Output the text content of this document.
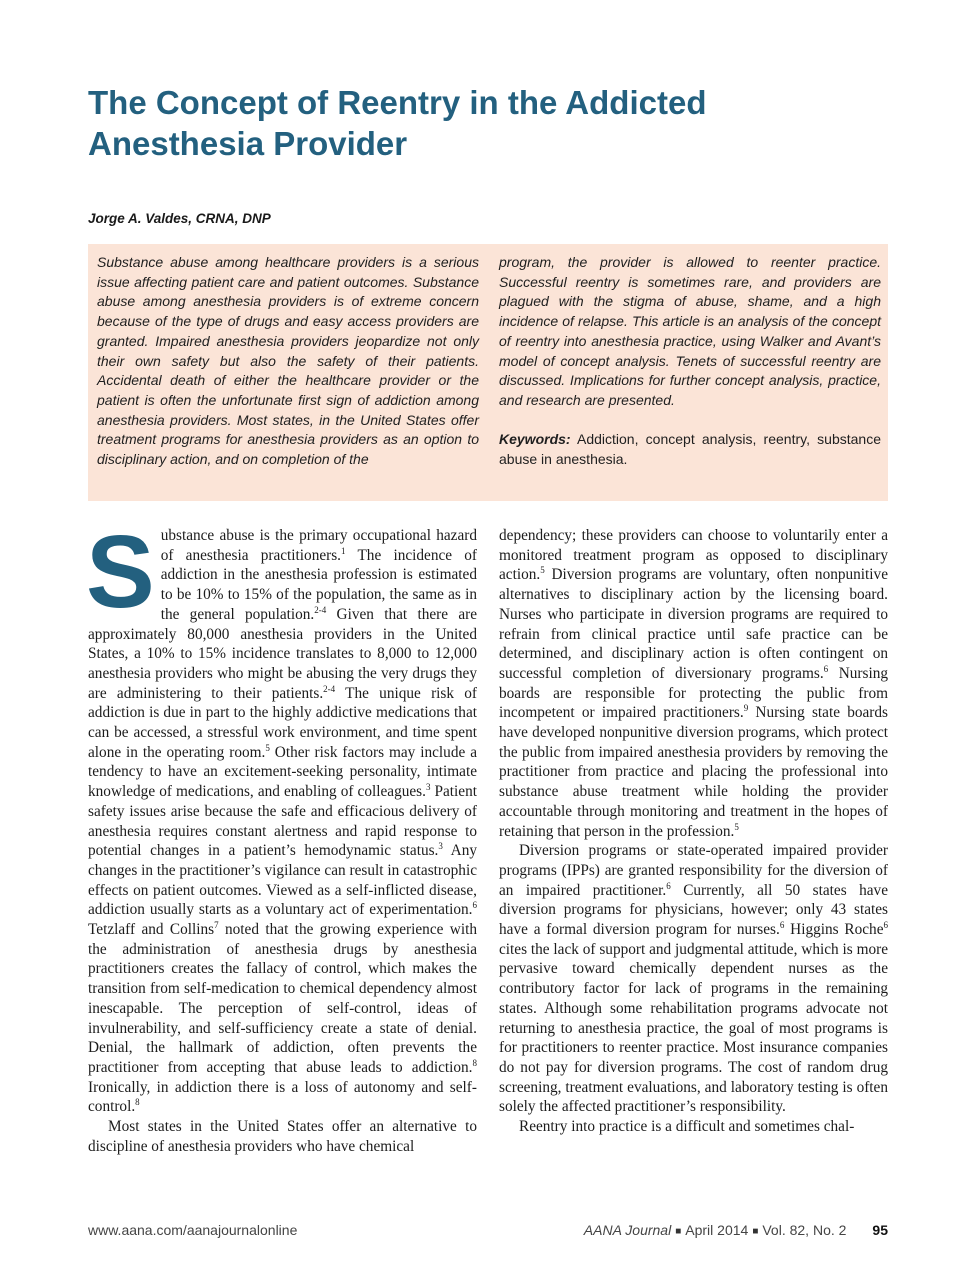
The Concept of Reentry in the Addicted Anesthesia Provider

Jorge A. Valdes, CRNA, DNP

Substance abuse among healthcare providers is a serious issue affecting patient care and patient outcomes. Substance abuse among anesthesia providers is of extreme concern because of the type of drugs and easy access providers are granted. Impaired anesthesia providers jeopardize not only their own safety but also the safety of their patients. Accidental death of either the healthcare provider or the patient is often the unfortunate first sign of addiction among anesthesia providers. Most states, in the United States offer treatment programs for anesthesia providers as an option to disciplinary action, and on completion of the

program, the provider is allowed to reenter practice. Successful reentry is sometimes rare, and providers are plagued with the stigma of abuse, shame, and a high incidence of relapse. This article is an analysis of the concept of reentry into anesthesia practice, using Walker and Avant’s model of concept analysis. Tenets of successful reentry are discussed. Implications for further concept analysis, practice, and research are presented.

Keywords: Addiction, concept analysis, reentry, substance abuse in anesthesia.

Substance abuse is the primary occupational hazard of anesthesia practitioners.$^1$ The incidence of addiction in the anesthesia profession is estimated to be 10% to 15% of the population, the same as in the general population.$^{2-4}$ Given that there are approximately 80,000 anesthesia providers in the United States, a 10% to 15% incidence translates to 8,000 to 12,000 anesthesia providers who might be abusing the very drugs they are administering to their patients.$^{2-4}$ The unique risk of addiction is due in part to the highly addictive medications that can be accessed, a stressful work environment, and time spent alone in the operating room.$^5$ Other risk factors may include a tendency to have an excitement-seeking personality, intimate knowledge of medications, and enabling of colleagues.$^3$ Patient safety issues arise because the safe and efficacious delivery of anesthesia requires constant alertness and rapid response to potential changes in a patient’s hemodynamic status.$^3$ Any changes in the practitioner’s vigilance can result in catastrophic effects on patient outcomes. Viewed as a self-inflicted disease, addiction usually starts as a voluntary act of experimentation.$^6$ Tetzlaff and Collins$^7$ noted that the growing experience with the administration of anesthesia drugs by anesthesia practitioners creates the fallacy of control, which makes the transition from self-medication to chemical dependency almost inescapable. The perception of self-control, ideas of invulnerability, and self-sufficiency create a state of denial. Denial, the hallmark of addiction, often prevents the practitioner from accepting that abuse leads to addiction.$^8$ Ironically, in addiction there is a loss of autonomy and self-control.$^8$

Most states in the United States offer an alternative to discipline of anesthesia providers who have chemical

dependency; these providers can choose to voluntarily enter a monitored treatment program as opposed to disciplinary action.$^5$ Diversion programs are voluntary, often nonpunitive alternatives to disciplinary action by the licensing board. Nurses who participate in diversion programs are required to refrain from clinical practice until safe practice can be determined, and disciplinary action is often contingent on successful completion of diversionary programs.$^6$ Nursing boards are responsible for protecting the public from incompetent or impaired practitioners.$^9$ Nursing state boards have developed nonpunitive diversion programs, which protect the public from impaired anesthesia providers by removing the practitioner from practice and placing the professional into substance abuse treatment while holding the provider accountable through monitoring and treatment in the hopes of retaining that person in the profession.$^5$

Diversion programs or state-operated impaired provider programs (IPPs) are granted responsibility for the diversion of an impaired practitioner.$^6$ Currently, all 50 states have diversion programs for physicians, however; only 43 states have a formal diversion program for nurses.$^6$ Higgins Roche$^6$ cites the lack of support and judgmental attitude, which is more pervasive toward chemically dependent nurses as the contributory factor for lack of programs in the remaining states. Although some rehabilitation programs advocate not returning to anesthesia practice, the goal of most programs is for practitioners to reenter practice. Most insurance companies do not pay for diversion programs. The cost of random drug screening, treatment evaluations, and laboratory testing is often solely the affected practitioner’s responsibility.

Reentry into practice is a difficult and sometimes chal-

www.aana.com/aanajournalonline	AANA Journal ■ April 2014 ■ Vol. 82, No. 2 95
